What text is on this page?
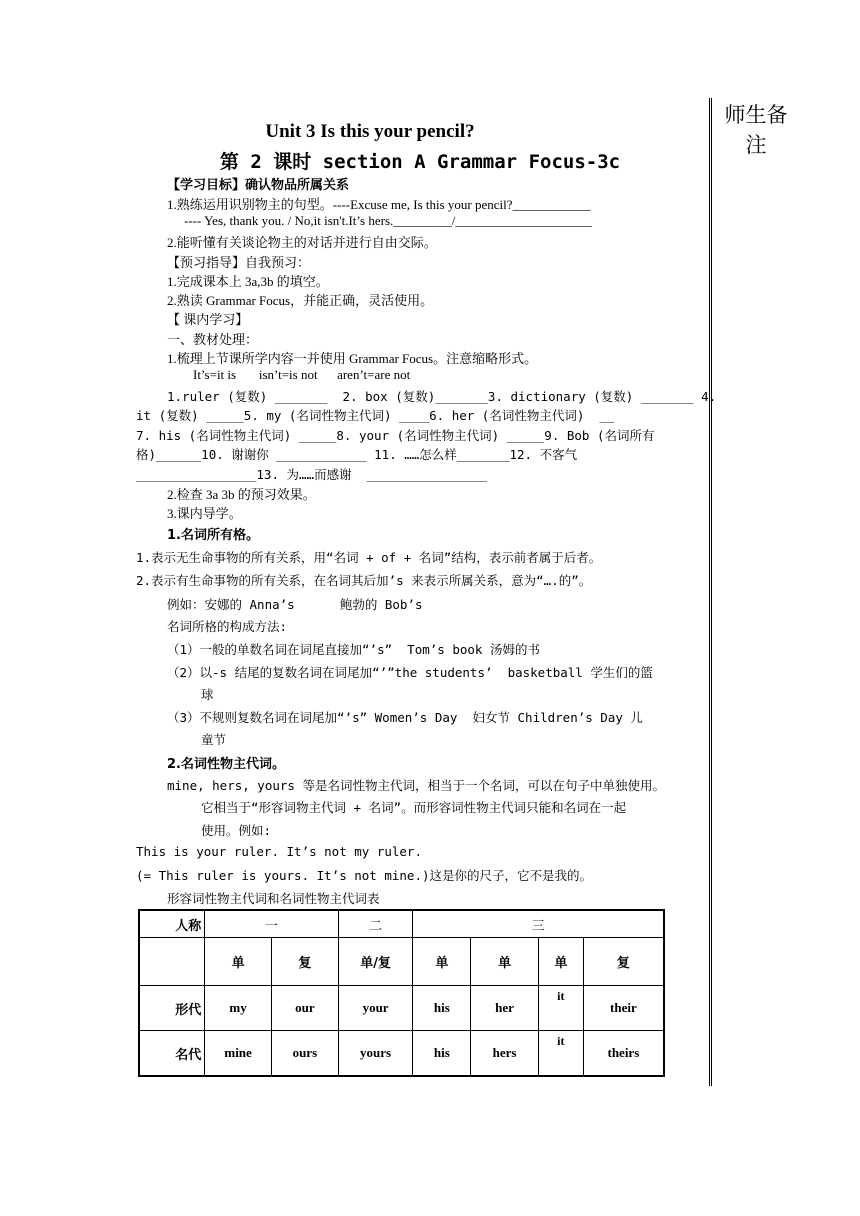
师生备注
Unit 3 Is this your pencil?
第 2 课时 section A Grammar Focus-3c
【学习目标】确认物品所属关系
1.熟练运用识别物主的句型。----Excuse me, Is this your pencil?____________
---- Yes, thank you. / No,it isn't.It’s hers._________/_____________________
2.能听懂有关谈论物主的对话并进行自由交际。
【预习指导】自我预习：
1.完成课本上 3a,3b 的填空。
2.熟读 Grammar Focus，并能正确，灵活使用。
【 课内学习】
一、教材处理：
1.梳理上节课所学内容一并使用 Grammar Focus。注意缩略形式。
It’s=it is       isn’t=is not      aren’t=are not
1.ruler (复数) _______  2. box (复数)_______3. dictionary (复数) _______ 4.
it (复数) _____5. my (名词性物主代词) ____6. her (名词性物主代词)  __
7. his (名词性物主代词) _____8. your (名词性物主代词) _____9. Bob (名词所有
格)______10. 谢谢你 ____________ 11. ……怎么样_______12. 不客气
________________13. 为……而感谢  ________________
2.检查 3a 3b 的预习效果。
3.课内导学。
1.名词所有格。
1.表示无生命事物的所有关系，用“名词 + of + 名词”结构，表示前者属于后者。
2.表示有生命事物的所有关系，在名词其后加’s 来表示所属关系，意为“….的”。
例如：安娜的 Anna’s      鲍勃的 Bob’s
名词所格的构成方法:
（1）一般的单数名词在词尾直接加“’s”  Tom’s book 汤姆的书
（2）以-s 结尾的复数名词在词尾加“’”the students’  basketball 学生们的篮
球
（3）不规则复数名词在词尾加“’s” Women’s Day  妇女节 Children’s Day 儿
童节
2.名词性物主代词。
mine, hers, yours 等是名词性物主代词，相当于一个名词，可以在句子中单独使用。
它相当于“形容词物主代词 + 名词”。而形容词性物主代词只能和名词在一起
使用。例如:
This is your ruler. It’s not my ruler.
(= This ruler is yours. It’s not mine.)这是你的尺子，它不是我的。
形容词性物主代词和名词性物主代词表
人称	一		二	三			
	单	复	单/复	单	单	单	复
形代	my	our	your	his	her	it	their
名代	mine	ours	yours	his	hers	it	theirs
